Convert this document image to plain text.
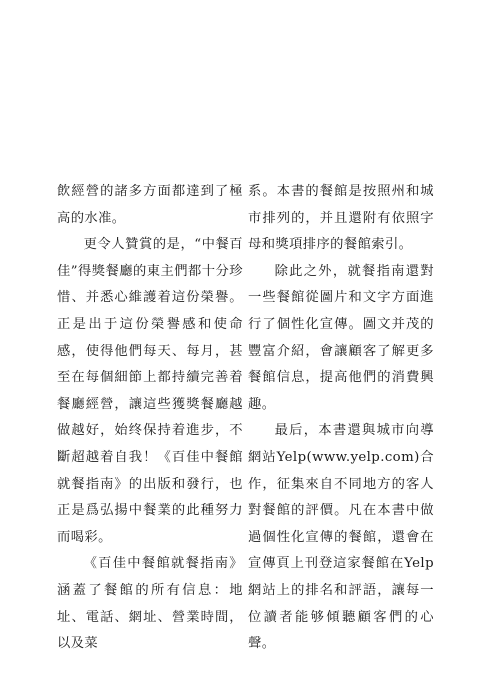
飲經營的諸多方面都達到了極高的水准。

更令人贊賞的是，“中餐百佳”得獎餐廳的東主們都十分珍惜、并悉心維護着這份榮譽。正是出于這份榮譽感和使命感，使得他們每天、每月，甚至在每個細節上都持續完善着餐廳經營，讓這些獲獎餐廳越做越好，始终保持着進步，不斷超越着自我！《百佳中餐館就餐指南》的出版和發行，也正是爲弘揚中餐業的此種努力而喝彩。

《百佳中餐館就餐指南》涵蓋了餐館的所有信息：地址、電話、網址、營業時間，以及菜

系。本書的餐館是按照州和城市排列的，并且還附有依照字母和獎項排序的餐館索引。

除此之外，就餐指南還對一些餐館從圖片和文字方面進行了個性化宣傳。圖文并茂的豐富介紹，會讓顧客了解更多餐館信息，提高他們的消費興趣。

最后，本書還與城市向導網站Yelp(www.yelp.com)合作，征集來自不同地方的客人對餐館的評價。凡在本書中做過個性化宣傳的餐館，還會在宣傳頁上刊登這家餐館在Yelp網站上的排名和評語，讓每一位讀者能够傾聽顧客們的心聲。
